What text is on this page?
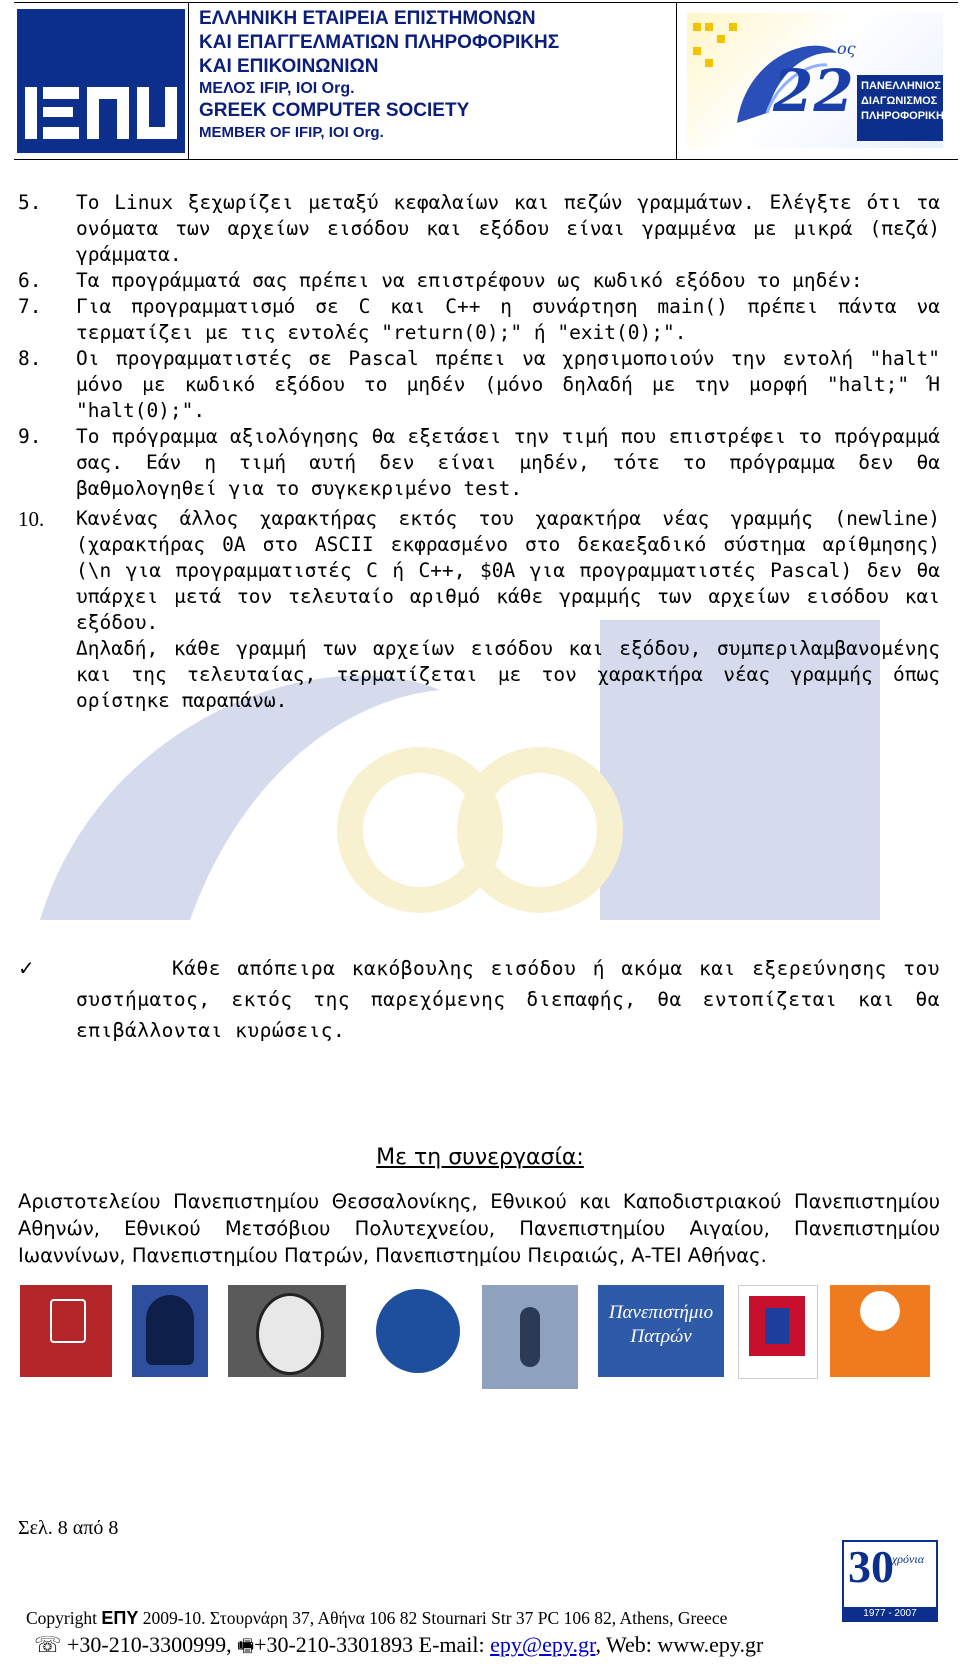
ΕΛΛΗΝΙΚΗ ΕΤΑΙΡΕΙΑ ΕΠΙΣΤΗΜΟΝΩΝ
ΚΑΙ ΕΠΑΓΓΕΛΜΑΤΙΩΝ ΠΛΗΡΟΦΟΡΙΚΗΣ
ΚΑΙ ΕΠΙΚΟΙΝΩΝΙΩΝ
ΜΕΛΟΣ IFIP, IOI Org.
GREEK COMPUTER SOCIETY
MEMBER OF IFIP, IOI Org.
22
ος
ΠΑΝΕΛΛΗΝΙΟΣ ΔΙΑΓΩΝΙΣΜΟΣ ΠΛΗΡΟΦΟΡΙΚΗΣ
5.	Το Linux ξεχωρίζει μεταξύ κεφαλαίων και πεζών γραμμάτων. Ελέγξτε ότι τα ονόματα των αρχείων εισόδου και εξόδου είναι γραμμένα με μικρά (πεζά) γράμματα.
6.	Τα προγράμματά σας πρέπει να επιστρέφουν ως κωδικό εξόδου το μηδέν:
7.	Για προγραμματισμό σε C και C++ η συνάρτηση main() πρέπει πάντα να τερματίζει με τις εντολές "return(0);" ή "exit(0);".
8.	Οι προγραμματιστές σε Pascal πρέπει να χρησιμοποιούν την εντολή "halt" μόνο με κωδικό εξόδου το μηδέν (μόνο δηλαδή με την μορφή "halt;" Ή "halt(0);".
9.	Το πρόγραμμα αξιολόγησης θα εξετάσει την τιμή που επιστρέφει το πρόγραμμά σας. Εάν η τιμή αυτή δεν είναι μηδέν, τότε το πρόγραμμα δεν θα βαθμολογηθεί για το συγκεκριμένο test.
10.	Κανένας άλλος χαρακτήρας εκτός του χαρακτήρα νέας γραμμής (newline) (χαρακτήρας 0A στο ASCII εκφρασμένο στο δεκαεξαδικό σύστημα αρίθμησης) (\n για προγραμματιστές C ή C++, $0A για προγραμματιστές Pascal) δεν θα υπάρχει μετά τον τελευταίο αριθμό κάθε γραμμής των αρχείων εισόδου και εξόδου.
Δηλαδή, κάθε γραμμή των αρχείων εισόδου και εξόδου, συμπεριλαμβανομένης και της τελευταίας, τερματίζεται με τον χαρακτήρα νέας γραμμής όπως ορίστηκε παραπάνω.
✓	Κάθε απόπειρα κακόβουλης εισόδου ή ακόμα και εξερεύνησης του συστήματος, εκτός της παρεχόμενης διεπαφής, θα εντοπίζεται και θα επιβάλλονται κυρώσεις.
Με τη συνεργασία:
Αριστοτελείου Πανεπιστημίου Θεσσαλονίκης, Εθνικού και Καποδιστριακού Πανεπιστημίου Αθηνών, Εθνικού Μετσόβιου Πολυτεχνείου, Πανεπιστημίου Αιγαίου, Πανεπιστημίου Ιωαννίνων, Πανεπιστημίου Πατρών, Πανεπιστημίου Πειραιώς, Α-ΤΕΙ Αθήνας.
Πανεπιστήμιο Πατρών
Σελ. 8 από 8
30
χρόνια
1977 - 2007
Copyright ΕΠΥ 2009-10. Στουρνάρη 37, Αθήνα 106 82 Stournari Str 37 PC 106 82, Athens, Greece
☏ +30-210-3300999, 🖷+30-210-3301893 E-mail: epy@epy.gr, Web: www.epy.gr
